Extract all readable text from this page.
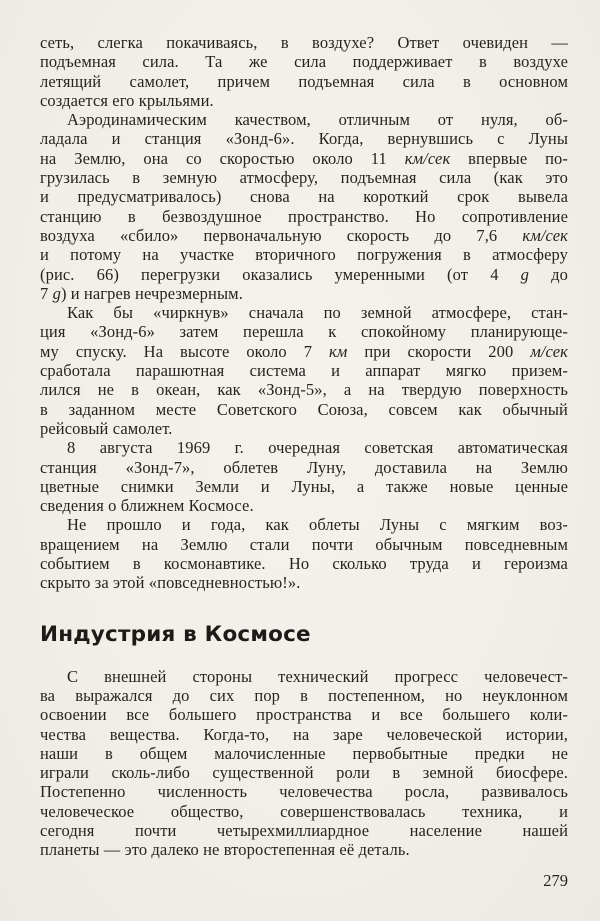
сеть, слегка покачиваясь, в воздухе? Ответ очевиден —
подъемная сила. Та же сила поддерживает в воздухе
летящий самолет, причем подъемная сила в основном
создается его крыльями.
Аэродинамическим качеством, отличным от нуля, об-
ладала и станция «Зонд-6». Когда, вернувшись с Луны
на Землю, она со скоростью около 11 км/сек впервые по-
грузилась в земную атмосферу, подъемная сила (как это
и предусматривалось) снова на короткий срок вывела
станцию в безвоздушное пространство. Но сопротивление
воздуха «сбило» первоначальную скорость до 7,6 км/сек
и потому на участке вторичного погружения в атмосферу
(рис. 66) перегрузки оказались умеренными (от 4 g до
7 g) и нагрев нечрезмерным.
Как бы «чиркнув» сначала по земной атмосфере, стан-
ция «Зонд-6» затем перешла к спокойному планирующе-
му спуску. На высоте около 7 км при скорости 200 м/сек
сработала парашютная система и аппарат мягко призем-
лился не в океан, как «Зонд-5», а на твердую поверхность
в заданном месте Советского Союза, совсем как обычный
рейсовый самолет.
8 августа 1969 г. очередная советская автоматическая
станция «Зонд-7», облетев Луну, доставила на Землю
цветные снимки Земли и Луны, а также новые ценные
сведения о ближнем Космосе.
Не прошло и года, как облеты Луны с мягким воз-
вращением на Землю стали почти обычным повседневным
событием в космонавтике. Но сколько труда и героизма
скрыто за этой «повседневностью!».
Индустрия в Космосе
С внешней стороны технический прогресс человечест-
ва выражался до сих пор в постепенном, но неуклонном
освоении все большего пространства и все большего коли-
чества вещества. Когда-то, на заре человеческой истории,
наши в общем малочисленные первобытные предки не
играли сколь-либо существенной роли в земной биосфере.
Постепенно численность человечества росла, развивалось
человеческое общество, совершенствовалась техника, и
сегодня почти четырехмиллиардное население нашей
планеты — это далеко не второстепенная её деталь.
279
